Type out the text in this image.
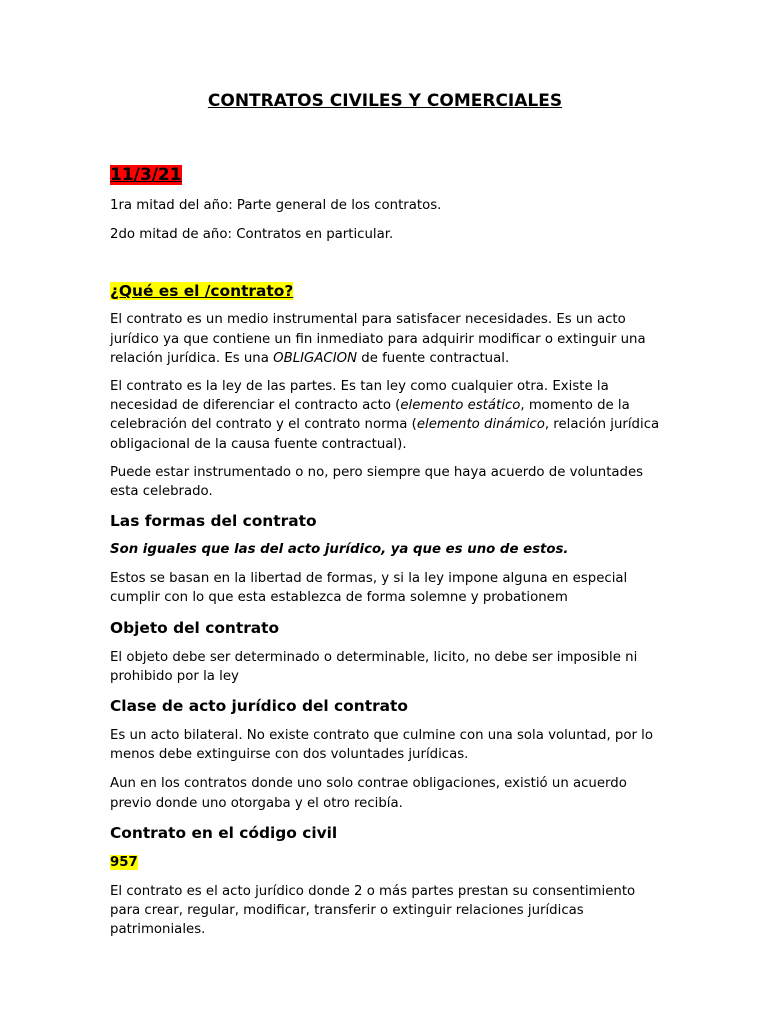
CONTRATOS CIVILES Y COMERCIALES
11/3/21

1ra mitad del año: Parte general de los contratos.

2do mitad de año: Contratos en particular.

¿Qué es el /contrato?

El contrato es un medio instrumental para satisfacer necesidades. Es un acto jurídico ya que contiene un fin inmediato para adquirir modificar o extinguir una relación jurídica. Es una OBLIGACION de fuente contractual.

El contrato es la ley de las partes. Es tan ley como cualquier otra. Existe la necesidad de diferenciar el contracto acto (elemento estático, momento de la celebración del contrato y el contrato norma (elemento dinámico, relación jurídica obligacional de la causa fuente contractual).

Puede estar instrumentado o no, pero siempre que haya acuerdo de voluntades esta celebrado.

Las formas del contrato

Son iguales que las del acto jurídico, ya que es uno de estos.

Estos se basan en la libertad de formas, y si la ley impone alguna en especial cumplir con lo que esta establezca de forma solemne y probationem

Objeto del contrato

El objeto debe ser determinado o determinable, licito, no debe ser imposible ni prohibido por la ley

Clase de acto jurídico del contrato

Es un acto bilateral. No existe contrato que culmine con una sola voluntad, por lo menos debe extinguirse con dos voluntades jurídicas.

Aun en los contratos donde uno solo contrae obligaciones, existió un acuerdo previo donde uno otorgaba y el otro recibía.

Contrato en el código civil
957

El contrato es el acto jurídico donde 2 o más partes prestan su consentimiento para crear, regular, modificar, transferir o extinguir relaciones jurídicas patrimoniales.
